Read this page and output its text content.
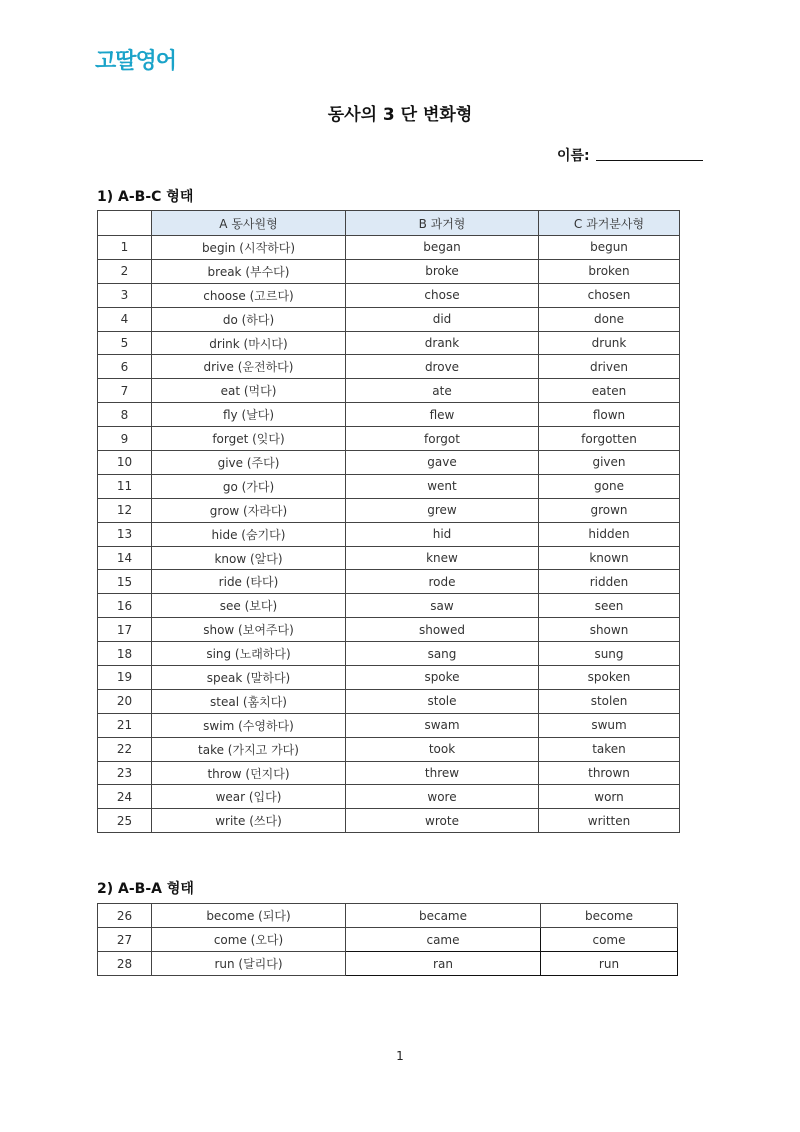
고딸영어
동사의 3 단 변화형
이름:
1) A-B-C 형태
	A 동사원형	B 과거형	C 과거분사형
1	begin (시작하다)	began	begun
2	break (부수다)	broke	broken
3	choose (고르다)	chose	chosen
4	do (하다)	did	done
5	drink (마시다)	drank	drunk
6	drive (운전하다)	drove	driven
7	eat (먹다)	ate	eaten
8	fly (날다)	flew	flown
9	forget (잊다)	forgot	forgotten
10	give (주다)	gave	given
11	go (가다)	went	gone
12	grow (자라다)	grew	grown
13	hide (숨기다)	hid	hidden
14	know (알다)	knew	known
15	ride (타다)	rode	ridden
16	see (보다)	saw	seen
17	show (보여주다)	showed	shown
18	sing (노래하다)	sang	sung
19	speak (말하다)	spoke	spoken
20	steal (훔치다)	stole	stolen
21	swim (수영하다)	swam	swum
22	take (가지고 가다)	took	taken
23	throw (던지다)	threw	thrown
24	wear (입다)	wore	worn
25	write (쓰다)	wrote	written
2) A-B-A 형태
26	become (되다)	became	become
27	come (오다)	came	come
28	run (달리다)	ran	run
1
